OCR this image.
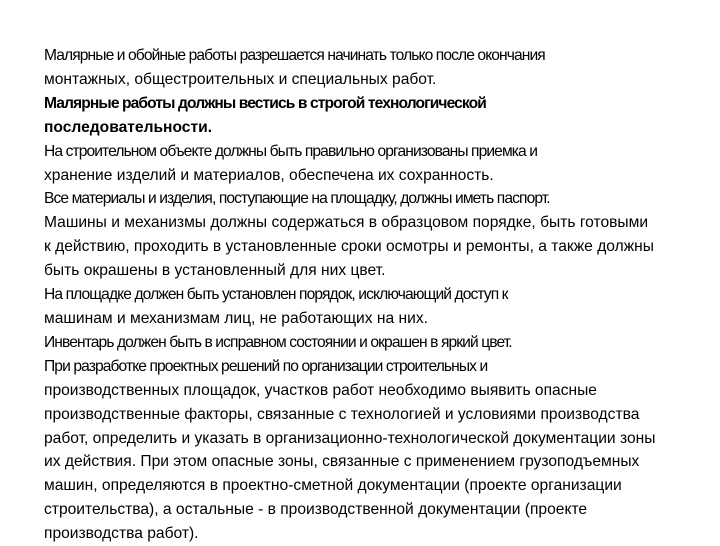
Малярные и обойные работы разрешается начинать только после окончания
монтажных, общестроительных и специальных работ.

Малярные работы должны вестись в строгой технологической
последовательности.

На строительном объекте должны быть правильно организованы приемка и
хранение изделий и материалов, обеспечена их сохранность.

Все материалы и изделия, поступающие на площадку, должны иметь паспорт.
Машины и механизмы должны содержаться в образцовом порядке, быть готовыми
к действию, проходить в установленные сроки осмотры и ремонты, а также должны
быть окрашены в установленный для них цвет.

На площадке должен быть установлен порядок, исключающий доступ к
машинам и механизмам лиц, не работающих на них.

Инвентарь должен быть в исправном состоянии и окрашен в яркий цвет.

При разработке проектных решений по организации строительных и
производственных площадок, участков работ необходимо выявить опасные
производственные факторы, связанные с технологией и условиями производства
работ, определить и указать в организационно-технологической документации зоны
их действия. При этом опасные зоны, связанные с применением грузоподъемных
машин, определяются в проектно-сметной документации (проекте организации
строительства), а остальные - в производственной документации (проекте
производства работ).
